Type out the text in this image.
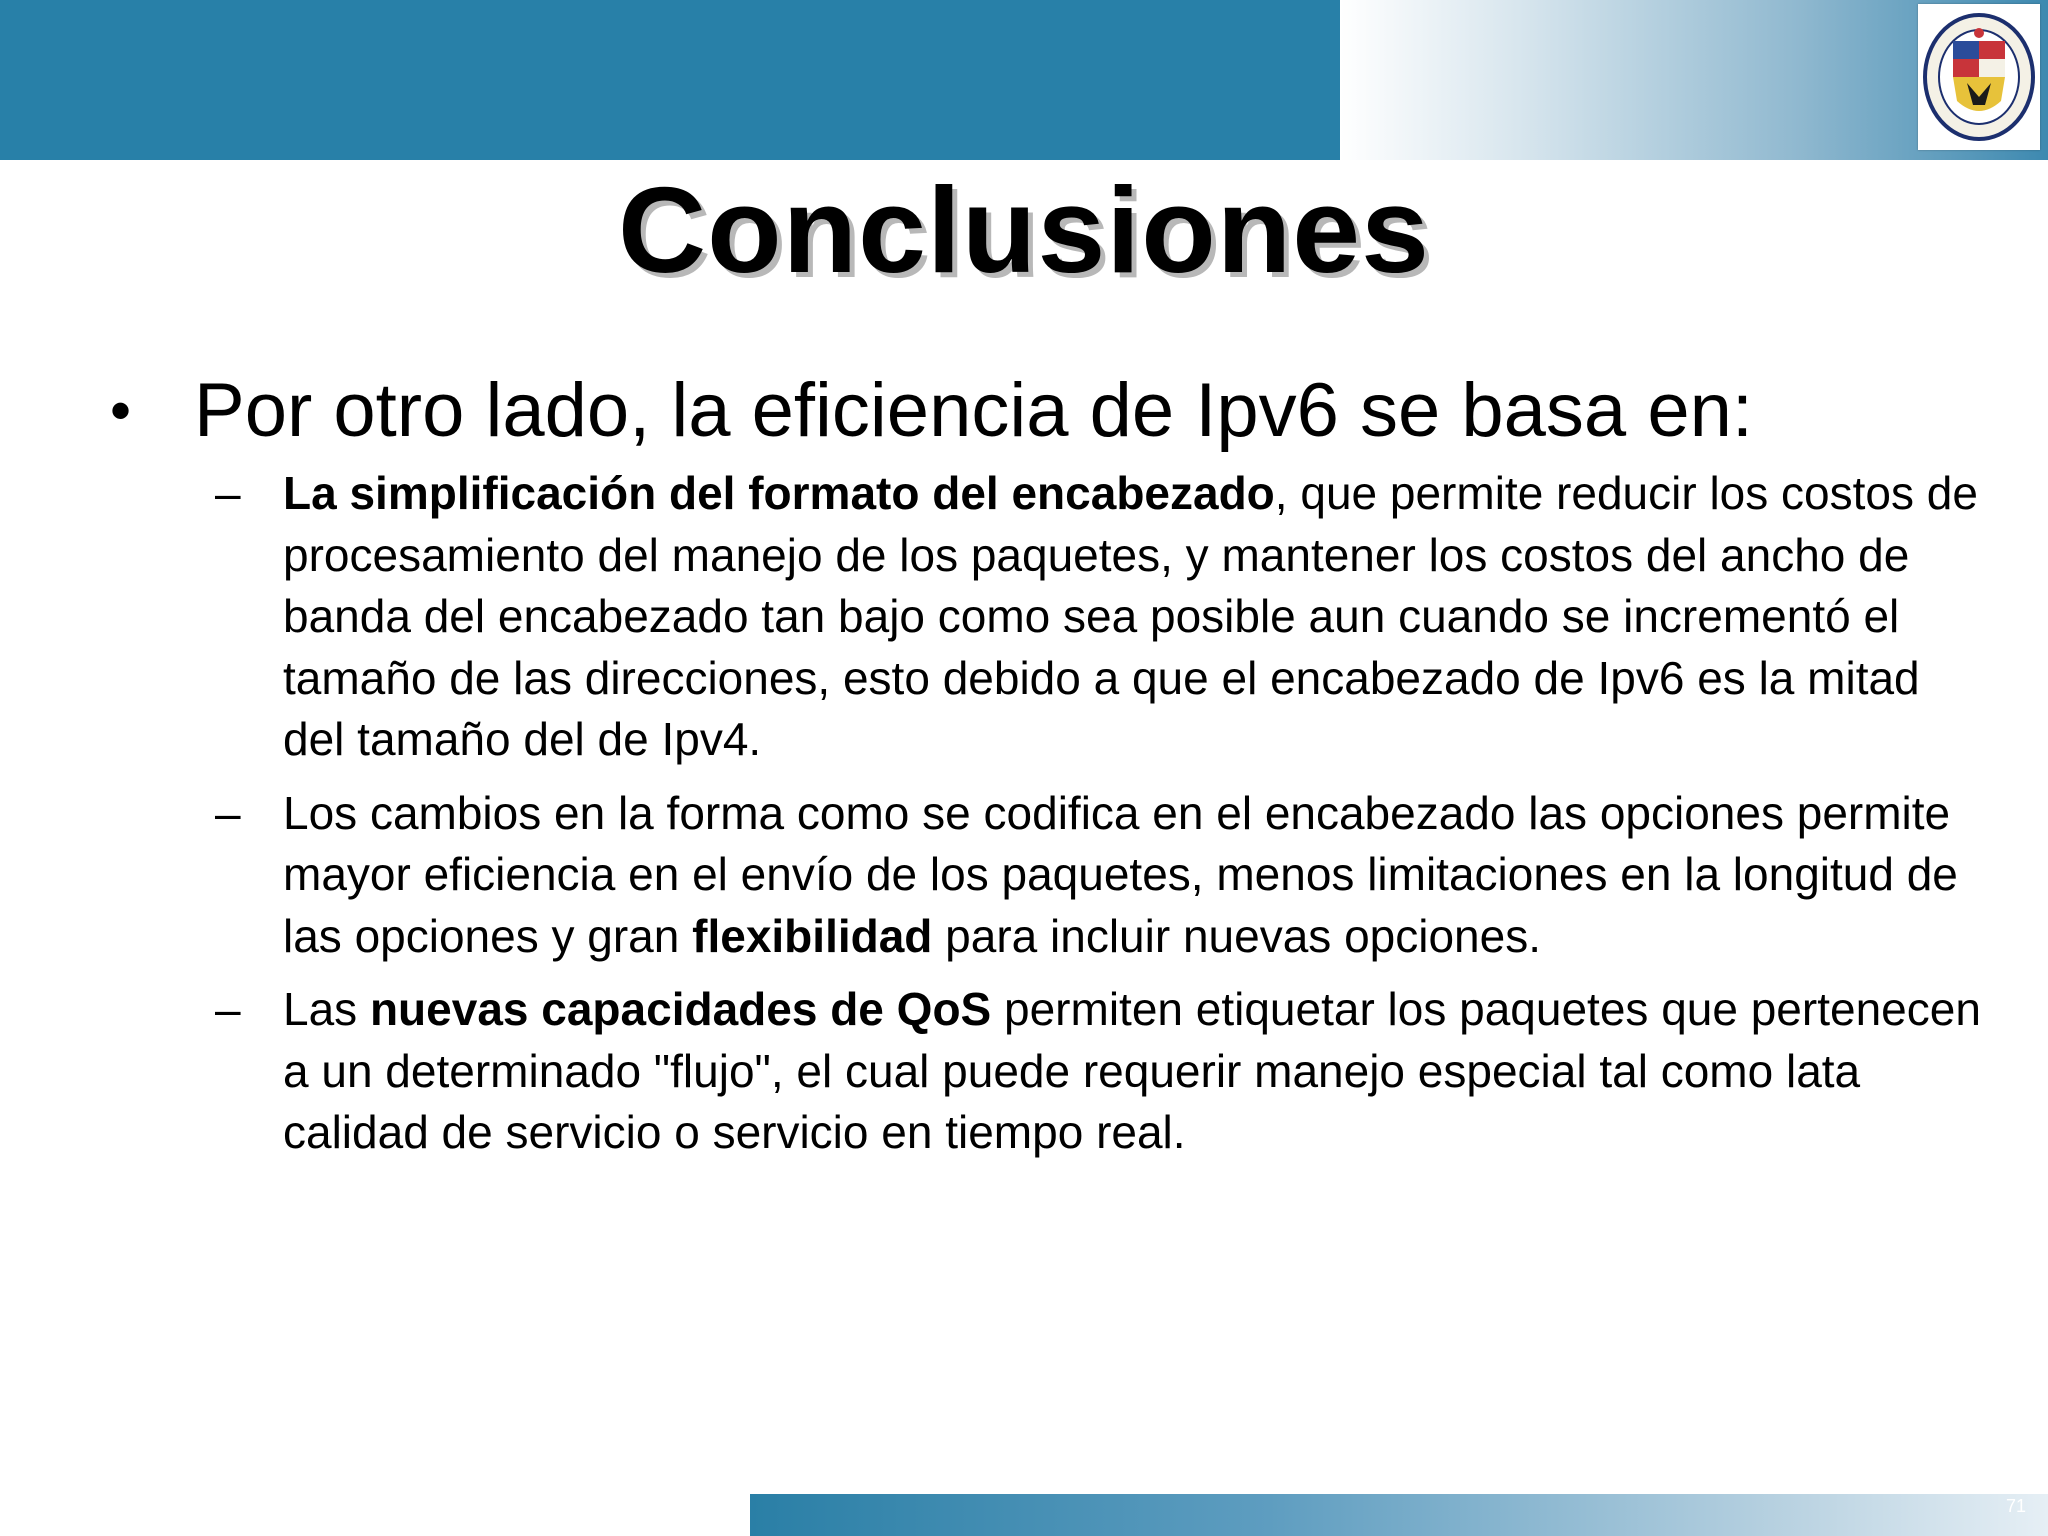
Conclusiones

• Por otro lado, la eficiencia de Ipv6 se basa en:

– La simplificación del formato del encabezado, que permite reducir los costos de procesamiento del manejo de los paquetes, y mantener los costos del ancho de banda del encabezado tan bajo como sea posible aun cuando se incrementó el tamaño de las direcciones, esto debido a que el encabezado de Ipv6 es la mitad del tamaño del de Ipv4.

– Los cambios en la forma como se codifica en el encabezado las opciones permite mayor eficiencia en el envío de los paquetes, menos limitaciones en la longitud de las opciones y gran flexibilidad para incluir nuevas opciones.

– Las nuevas capacidades de QoS permiten etiquetar los paquetes que pertenecen a un determinado "flujo", el cual puede requerir manejo especial tal como lata calidad de servicio o servicio en tiempo real.

71
